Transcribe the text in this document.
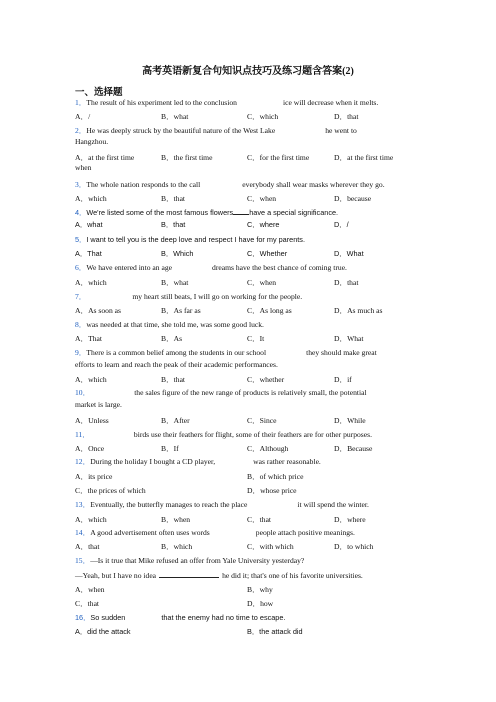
高考英语新复合句知识点技巧及练习题含答案(2)
一、选择题
1．The result of his experiment led to the conclusion	ice will decrease when it melts.
A．/	B．what	C．which	D．that
2．He was deeply struck by the beautiful nature of the West Lake	he went to
Hangzhou.
A．at the first time	B．the first time	C．for the first time	D．at the first time
when
3．The whole nation responds to the call	everybody shall wear masks wherever they go.
A．which	B．that	C．when	D．because
4．We're listed some of the most famous flowers have a special significance.
A．what	B．that	C．where	D．/
5．I want to tell you is the deep love and respect I have for my parents.
A．That	B．Which	C．Whether	D．What
6．We have entered into an age	dreams have the best chance of coming true.
A．which	B．what	C．when	D．that
7．	my heart still beats, I will go on working for the people.
A．As soon as	B．As far as	C．As long as	D．As much as
8．was needed at that time, she told me, was some good luck.
A．That	B．As	C．It	D．What
9．There is a common belief among the students in our school	they should make great
efforts to learn and reach the peak of their academic performances.
A．which	B．that	C．whether	D．if
10．	the sales figure of the new range of products is relatively small, the potential
market is large.
A．Unless	B．After	C．Since	D．While
11．	birds use their feathers for flight, some of their feathers are for other purposes.
A．Once	B．If	C．Although	D．Because
12．During the holiday I bought a CD player,	was rather reasonable.
A．its price	B．of which price
C．the prices of which	D．whose price
13．Eventually, the butterfly manages to reach the place	it will spend the winter.
A．which	B．when	C．that	D．where
14．A good advertisement often uses words	people attach positive meanings.
A．that	B．which	C．with which	D．to which
15．—Is it true that Mike refused an offer from Yale University yesterday?
—Yeah, but I have no idea	he did it; that's one of his favorite universities.
A．when	B．why
C．that	D．how
16．So sudden	that the enemy had no time to escape.
A．did the attack	B．the attack did
